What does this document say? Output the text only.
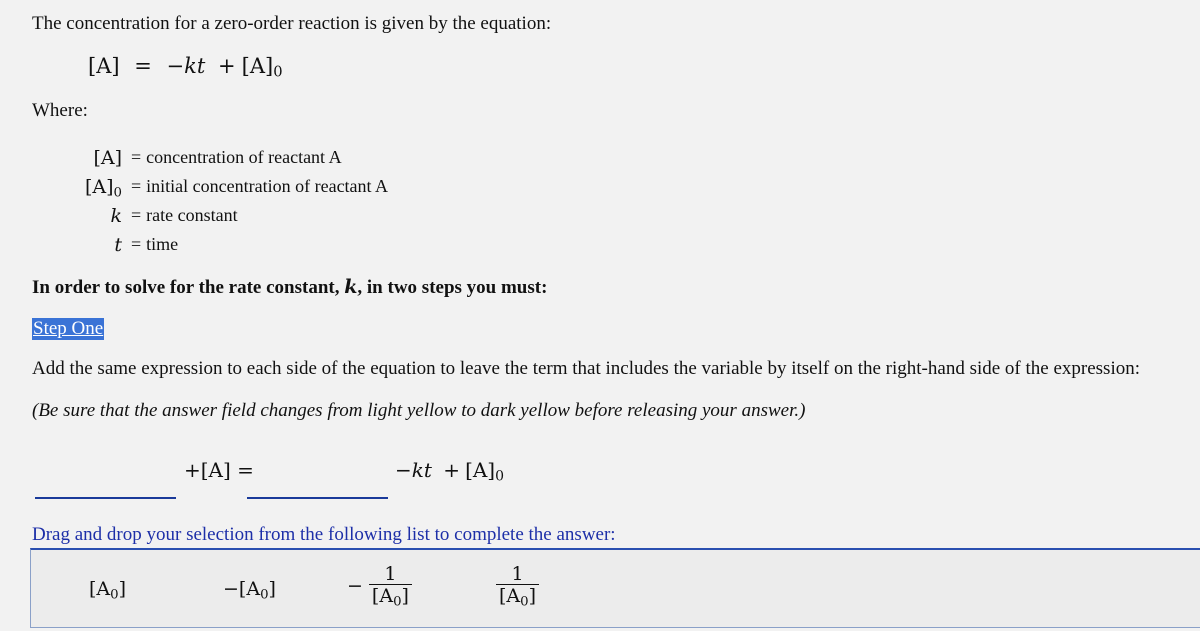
The concentration for a zero-order reaction is given by the equation:
$[A] = -kt + [A]_0$
Where:
[A] = concentration of reactant A
$[A]_0$ = initial concentration of reactant A
k = rate constant
t = time
In order to solve for the rate constant, k, in two steps you must:
Step One
Add the same expression to each side of the equation to leave the term that includes the variable by itself on the right-hand side of the expression:
(Be sure that the answer field changes from light yellow to dark yellow before releasing your answer.)
+[A] =	$-kt + [A]_0$
Drag and drop your selection from the following list to complete the answer:
$[A_0]$	$-[A_0]$	− $\frac{1}{[A_0]}$	$\frac{1}{[A_0]}$
